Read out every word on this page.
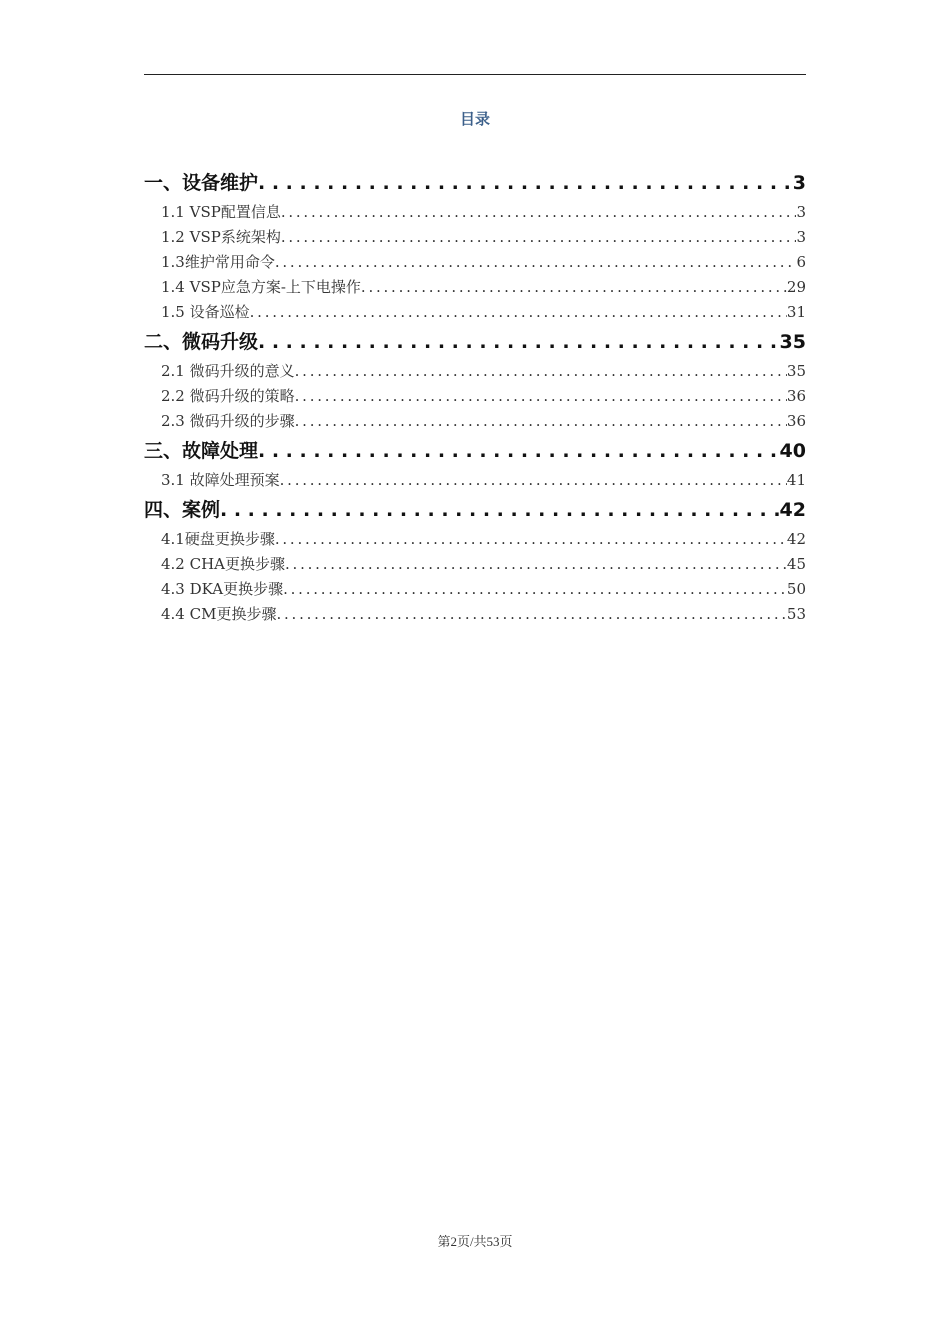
目录
一、设备维护 . . .	3
1.1 VSP配置信息 . . .	3
1.2 VSP系统架构 . . .	3
1.3维护常用命令 . . .	6
1.4 VSP应急方案-上下电操作 . . .	29
1.5 设备巡检 . . .	31
二、微码升级 . . .	35
2.1 微码升级的意义 . . .	35
2.2 微码升级的策略 . . .	36
2.3 微码升级的步骤 . . .	36
三、故障处理 . . .	40
3.1 故障处理预案 . . .	41
四、案例 . . .	42
4.1硬盘更换步骤 . . .	42
4.2 CHA更换步骤 . . .	45
4.3 DKA更换步骤 . . .	50
4.4 CM更换步骤 . . .	53
第2页/共53页
